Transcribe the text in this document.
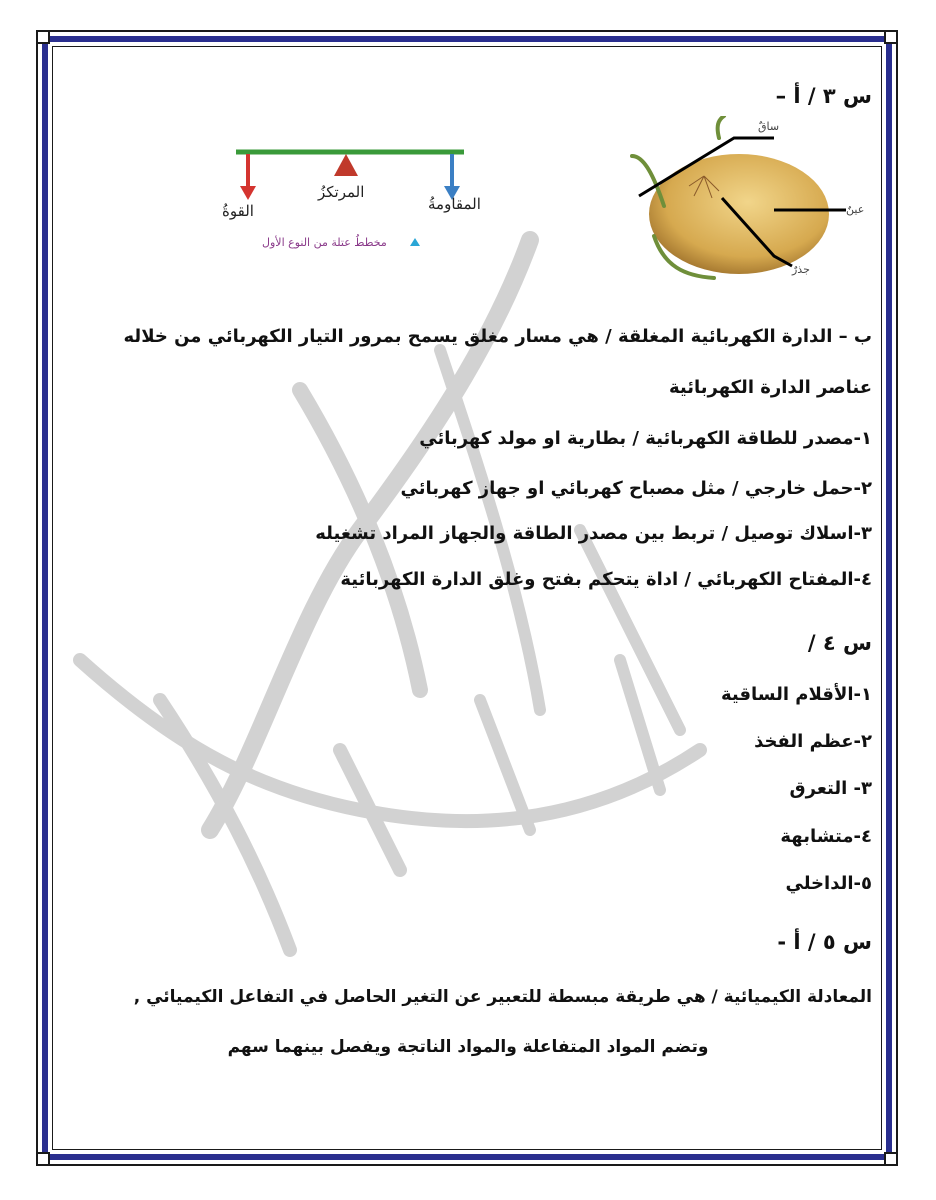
القوةُ
المرتكزُ
المقاومةُ
مخططُ عتلة من النوع الأول
ساقٌ
عينٌ
جذرٌ
س ٣ / أ –
ب – الدارة الكهربائية المغلقة / هي مسار مغلق يسمح بمرور التيار الكهربائي من خلاله
عناصر الدارة الكهربائية
١-مصدر للطاقة الكهربائية / بطارية او مولد كهربائي
٢-حمل خارجي / مثل مصباح كهربائي او جهاز كهربائي
٣-اسلاك توصيل / تربط بين مصدر الطاقة والجهاز المراد تشغيله
٤-المفتاح الكهربائي / اداة يتحكم بفتح وغلق الدارة الكهربائية
س ٤ /
١-الأقلام الساقية
٢-عظم الفخذ
٣- التعرق
٤-متشابهة
٥-الداخلي
س ٥ / أ -
المعادلة الكيميائية / هي طريقة مبسطة للتعبير عن التغير الحاصل في التفاعل الكيميائي ,
وتضم المواد المتفاعلة والمواد الناتجة ويفصل بينهما سهم
